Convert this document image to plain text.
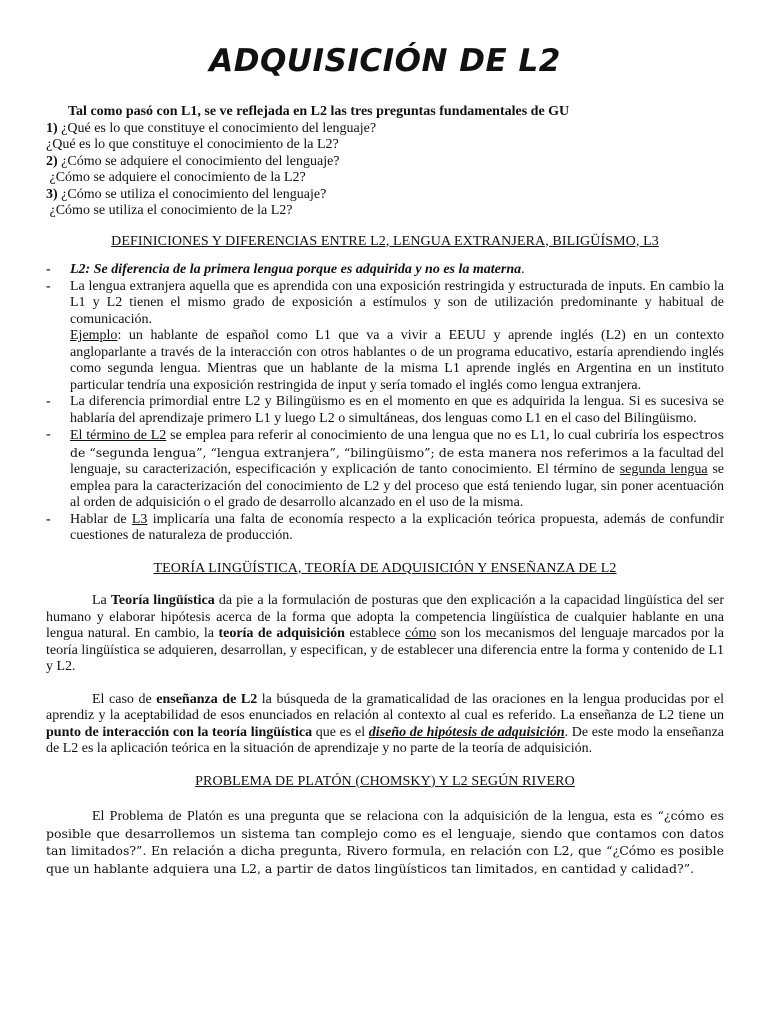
ADQUISICIÓN DE L2
Tal como pasó con L1, se ve reflejada en L2 las tres preguntas fundamentales de GU
1) ¿Qué es lo que constituye el conocimiento del lenguaje?
¿Qué es lo que constituye el conocimiento de la L2?
2) ¿Cómo se adquiere el conocimiento del lenguaje?
¿Cómo se adquiere el conocimiento de la L2?
3) ¿Cómo se utiliza el conocimiento del lenguaje?
¿Cómo se utiliza el conocimiento de la L2?
DEFINICIONES Y DIFERENCIAS ENTRE L2, LENGUA EXTRANJERA, BILIGÜÍSMO, L3
- L2: Se diferencia de la primera lengua porque es adquirida y no es la materna.
- La lengua extranjera aquella que es aprendida con una exposición restringida y estructurada de inputs. En cambio la L1 y L2 tienen el mismo grado de exposición a estímulos y son de utilización predominante y habitual de comunicación.
Ejemplo: un hablante de español como L1 que va a vivir a EEUU y aprende inglés (L2) en un contexto angloparlante a través de la interacción con otros hablantes o de un programa educativo, estaría aprendiendo inglés como segunda lengua. Mientras que un hablante de la misma L1 aprende inglés en Argentina en un instituto particular tendría una exposición restringida de input y sería tomado el inglés como lengua extranjera.
- La diferencia primordial entre L2 y Bilingüismo es en el momento en que es adquirida la lengua. Si es sucesiva se hablaría del aprendizaje primero L1 y luego L2 o simultáneas, dos lenguas como L1 en el caso del Bilingüismo.
- El término de L2 se emplea para referir al conocimiento de una lengua que no es L1, lo cual cubriría los espectros de “segunda lengua”, “lengua extranjera”, “bilingüismo”; de esta manera nos referimos a la facultad del lenguaje, su caracterización, especificación y explicación de tanto conocimiento. El término de segunda lengua se emplea para la caracterización del conocimiento de L2 y del proceso que está teniendo lugar, sin poner acentuación al orden de adquisición o el grado de desarrollo alcanzado en el uso de la misma.
- Hablar de L3 implicaría una falta de economía respecto a la explicación teórica propuesta, además de confundir cuestiones de naturaleza de producción.
TEORÍA LINGÜÍSTICA, TEORÍA DE ADQUISICIÓN Y ENSEÑANZA DE L2

La Teoría lingüística da pie a la formulación de posturas que den explicación a la capacidad lingüística del ser humano y elaborar hipótesis acerca de la forma que adopta la competencia lingüística de cualquier hablante en una lengua natural. En cambio, la teoría de adquisición establece cómo son los mecanismos del lenguaje marcados por la teoría lingüística se adquieren, desarrollan, y especifican, y de establecer una diferencia entre la forma y contenido de L1 y L2.

El caso de enseñanza de L2 la búsqueda de la gramaticalidad de las oraciones en la lengua producidas por el aprendiz y la aceptabilidad de esos enunciados en relación al contexto al cual es referido. La enseñanza de L2 tiene un punto de interacción con la teoría lingüística que es el diseño de hipótesis de adquisición. De este modo la enseñanza de L2 es la aplicación teórica en la situación de aprendizaje y no parte de la teoría de adquisición.

PROBLEMA DE PLATÓN (CHOMSKY) Y L2 SEGÚN RIVERO

El Problema de Platón es una pregunta que se relaciona con la adquisición de la lengua, esta es “¿cómo es posible que desarrollemos un sistema tan complejo como es el lenguaje, siendo que contamos con datos tan limitados?”. En relación a dicha pregunta, Rivero formula, en relación con L2, que “¿Cómo es posible que un hablante adquiera una L2, a partir de datos lingüísticos tan limitados, en cantidad y calidad?”.
